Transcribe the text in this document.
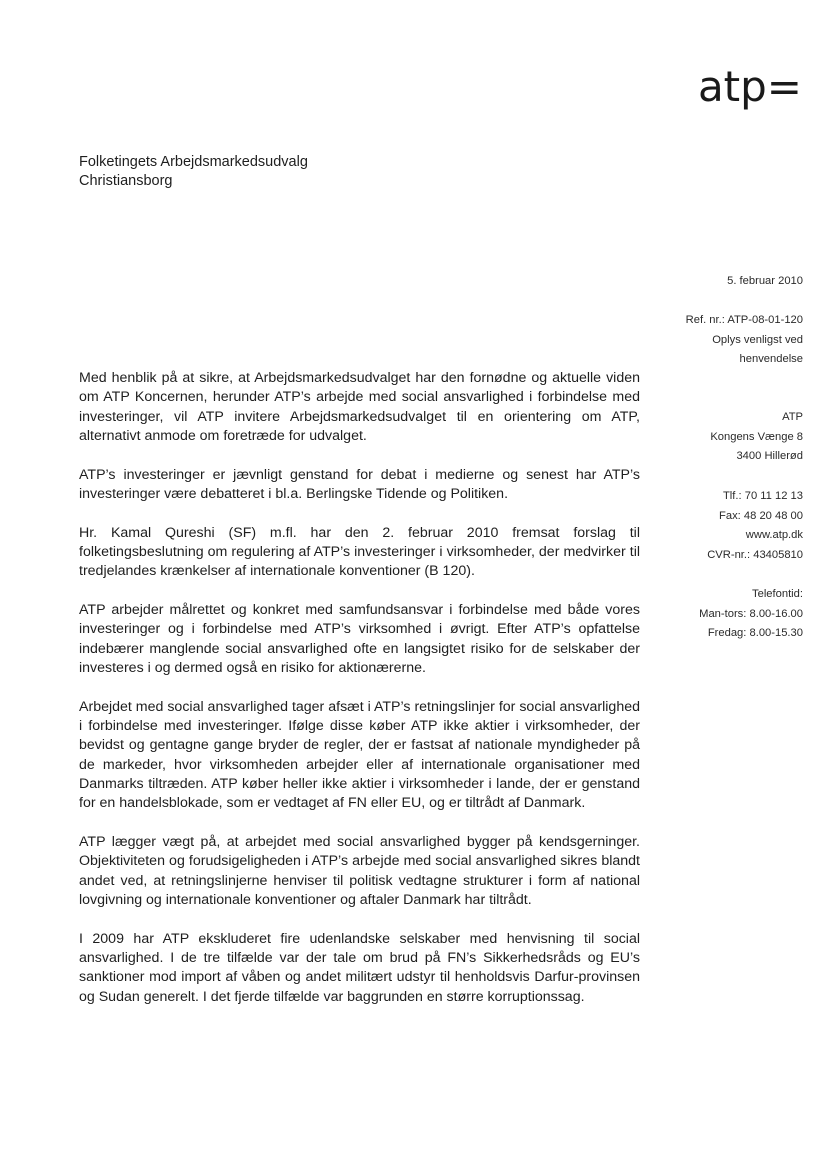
atp=
Folketingets Arbejdsmarkedsudvalg
Christiansborg
5. februar 2010
Ref. nr.: ATP-08-01-120
Oplys venligst ved
henvendelse
ATP
Kongens Vænge 8
3400 Hillerød
Tlf.: 70 11 12 13
Fax: 48 20 48 00
www.atp.dk
CVR-nr.: 43405810
Telefontid:
Man-tors: 8.00-16.00
Fredag: 8.00-15.30

Med henblik på at sikre, at Arbejdsmarkedsudvalget har den fornødne og aktuelle viden om ATP Koncernen, herunder ATP’s arbejde med social ansvarlighed i forbindelse med investeringer, vil ATP invitere Arbejdsmarkedsudvalget til en orientering om ATP, alternativt anmode om foretræde for udvalget.

ATP’s investeringer er jævnligt genstand for debat i medierne og senest har ATP’s investeringer være debatteret i bl.a. Berlingske Tidende og Politiken.

Hr. Kamal Qureshi (SF) m.fl. har den 2. februar 2010 fremsat forslag til folketingsbeslutning om regulering af ATP’s investeringer i virksomheder, der medvirker til tredjelandes krænkelser af internationale konventioner (B 120).

ATP arbejder målrettet og konkret med samfundsansvar i forbindelse med både vores investeringer og i forbindelse med ATP’s virksomhed i øvrigt. Efter ATP’s opfattelse indebærer manglende social ansvarlighed ofte en langsigtet risiko for de selskaber der investeres i og dermed også en risiko for aktionærerne.

Arbejdet med social ansvarlighed tager afsæt i ATP’s retningslinjer for social ansvarlighed i forbindelse med investeringer. Ifølge disse køber ATP ikke aktier i virksomheder, der bevidst og gentagne gange bryder de regler, der er fastsat af nationale myndigheder på de markeder, hvor virksomheden arbejder eller af internationale organisationer med Danmarks tiltræden. ATP køber heller ikke aktier i virksomheder i lande, der er genstand for en handelsblokade, som er vedtaget af FN eller EU, og er tiltrådt af Danmark.

ATP lægger vægt på, at arbejdet med social ansvarlighed bygger på kendsgerninger. Objektiviteten og forudsigeligheden i ATP’s arbejde med social ansvarlighed sikres blandt andet ved, at retningslinjerne henviser til politisk vedtagne strukturer i form af national lovgivning og internationale konventioner og aftaler Danmark har tiltrådt.

I 2009 har ATP ekskluderet fire udenlandske selskaber med henvisning til social ansvarlighed. I de tre tilfælde var der tale om brud på FN’s Sikkerhedsråds og EU’s sanktioner mod import af våben og andet militært udstyr til henholdsvis Darfur-provinsen og Sudan generelt. I det fjerde tilfælde var baggrunden en større korruptionssag.
